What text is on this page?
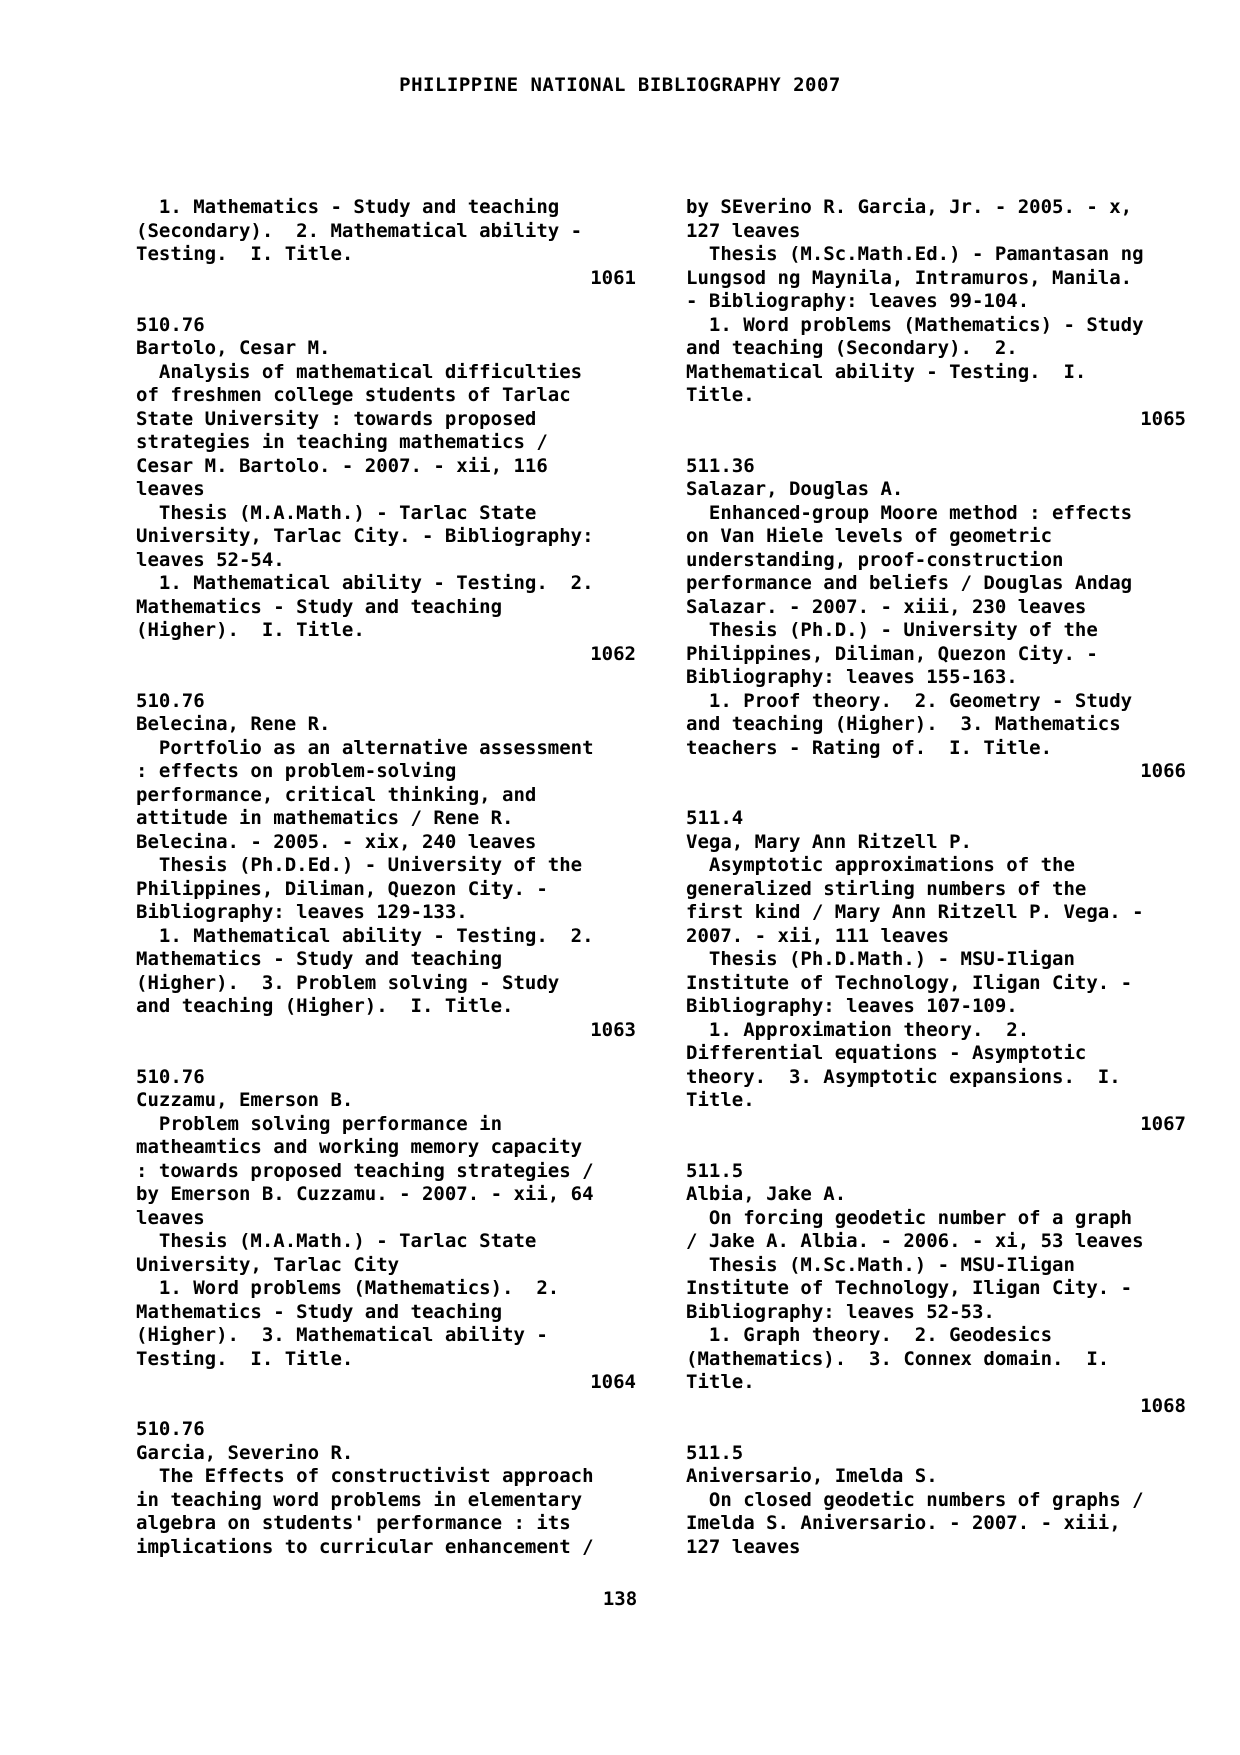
PHILIPPINE NATIONAL BIBLIOGRAPHY 2007
1. Mathematics - Study and teaching
(Secondary).  2. Mathematical ability -
Testing.  I. Title.
1061
510.76
Bartolo, Cesar M.
Analysis of mathematical difficulties
of freshmen college students of Tarlac
State University : towards proposed
strategies in teaching mathematics /
Cesar M. Bartolo. - 2007. - xii, 116
leaves
Thesis (M.A.Math.) - Tarlac State
University, Tarlac City. - Bibliography:
leaves 52-54.
1. Mathematical ability - Testing.  2.
Mathematics - Study and teaching
(Higher).  I. Title.
1062
510.76
Belecina, Rene R.
Portfolio as an alternative assessment
: effects on problem-solving
performance, critical thinking, and
attitude in mathematics / Rene R.
Belecina. - 2005. - xix, 240 leaves
Thesis (Ph.D.Ed.) - University of the
Philippines, Diliman, Quezon City. -
Bibliography: leaves 129-133.
1. Mathematical ability - Testing.  2.
Mathematics - Study and teaching
(Higher).  3. Problem solving - Study
and teaching (Higher).  I. Title.
1063
510.76
Cuzzamu, Emerson B.
Problem solving performance in
matheamtics and working memory capacity
: towards proposed teaching strategies /
by Emerson B. Cuzzamu. - 2007. - xii, 64
leaves
Thesis (M.A.Math.) - Tarlac State
University, Tarlac City
1. Word problems (Mathematics).  2.
Mathematics - Study and teaching
(Higher).  3. Mathematical ability -
Testing.  I. Title.
1064
510.76
Garcia, Severino R.
The Effects of constructivist approach
in teaching word problems in elementary
algebra on students' performance : its
implications to curricular enhancement /
by SEverino R. Garcia, Jr. - 2005. - x,
127 leaves
Thesis (M.Sc.Math.Ed.) - Pamantasan ng
Lungsod ng Maynila, Intramuros, Manila.
- Bibliography: leaves 99-104.
1. Word problems (Mathematics) - Study
and teaching (Secondary).  2.
Mathematical ability - Testing.  I.
Title.
1065
511.36
Salazar, Douglas A.
Enhanced-group Moore method : effects
on Van Hiele levels of geometric
understanding, proof-construction
performance and beliefs / Douglas Andag
Salazar. - 2007. - xiii, 230 leaves
Thesis (Ph.D.) - University of the
Philippines, Diliman, Quezon City. -
Bibliography: leaves 155-163.
1. Proof theory.  2. Geometry - Study
and teaching (Higher).  3. Mathematics
teachers - Rating of.  I. Title.
1066
511.4
Vega, Mary Ann Ritzell P.
Asymptotic approximations of the
generalized stirling numbers of the
first kind / Mary Ann Ritzell P. Vega. -
2007. - xii, 111 leaves
Thesis (Ph.D.Math.) - MSU-Iligan
Institute of Technology, Iligan City. -
Bibliography: leaves 107-109.
1. Approximation theory.  2.
Differential equations - Asymptotic
theory.  3. Asymptotic expansions.  I.
Title.
1067
511.5
Albia, Jake A.
On forcing geodetic number of a graph
/ Jake A. Albia. - 2006. - xi, 53 leaves
Thesis (M.Sc.Math.) - MSU-Iligan
Institute of Technology, Iligan City. -
Bibliography: leaves 52-53.
1. Graph theory.  2. Geodesics
(Mathematics).  3. Connex domain.  I.
Title.
1068
511.5
Aniversario, Imelda S.
On closed geodetic numbers of graphs /
Imelda S. Aniversario. - 2007. - xiii,
127 leaves
138
